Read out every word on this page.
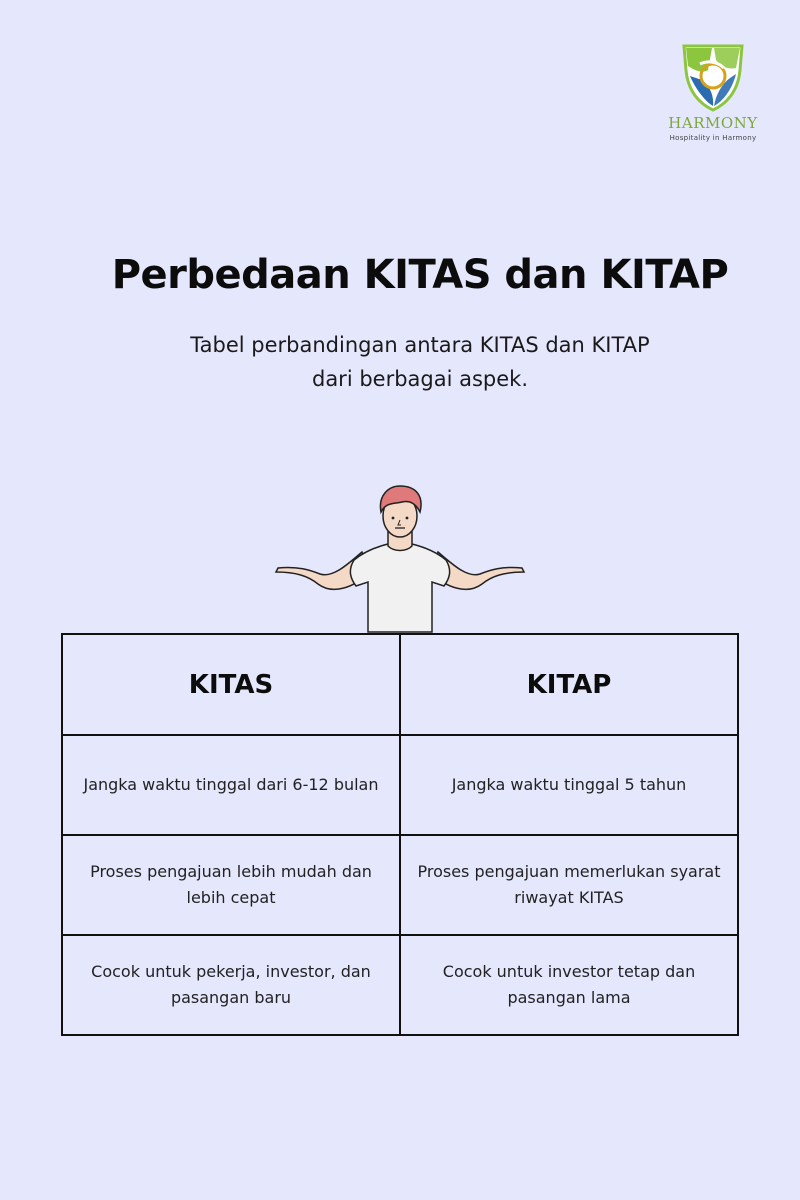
HARMONY
Hospitality in Harmony
Perbedaan KITAS dan KITAP

Tabel perbandingan antara KITAS dan KITAP
dari berbagai aspek.

KITAS	KITAP
Jangka waktu tinggal dari 6-12 bulan	Jangka waktu tinggal 5 tahun
Proses pengajuan lebih mudah dan lebih cepat	Proses pengajuan memerlukan syarat riwayat KITAS
Cocok untuk pekerja, investor, dan pasangan baru	Cocok untuk investor tetap dan pasangan lama
